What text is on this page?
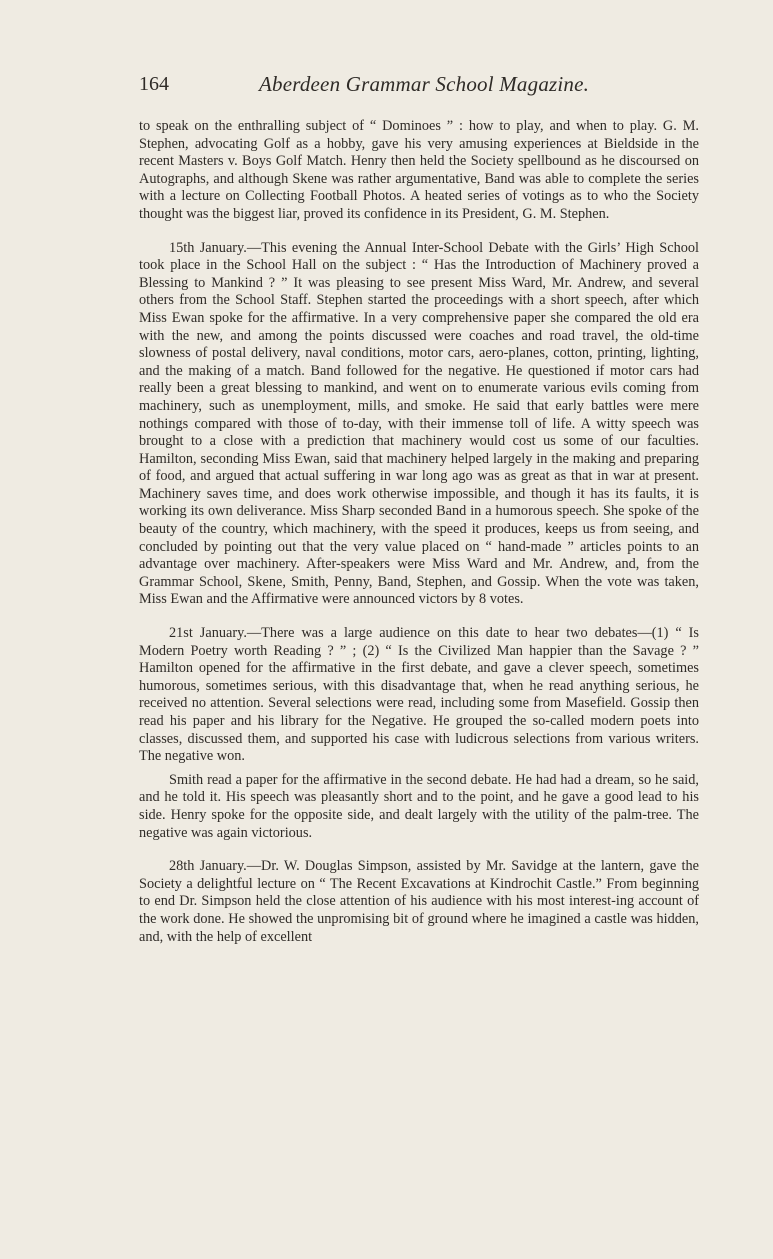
164	Aberdeen Grammar School Magazine.

to speak on the enthralling subject of “ Dominoes ” : how to play, and when to play. G. M. Stephen, advocating Golf as a hobby, gave his very amusing experiences at Bieldside in the recent Masters v. Boys Golf Match. Henry then held the Society spellbound as he discoursed on Autographs, and although Skene was rather argumentative, Band was able to complete the series with a lecture on Collecting Football Photos. A heated series of votings as to who the Society thought was the biggest liar, proved its confidence in its President, G. M. Stephen.

15th January.—This evening the Annual Inter-School Debate with the Girls’ High School took place in the School Hall on the subject : “ Has the Introduction of Machinery proved a Blessing to Mankind ? ” It was pleasing to see present Miss Ward, Mr. Andrew, and several others from the School Staff. Stephen started the proceedings with a short speech, after which Miss Ewan spoke for the affirmative. In a very comprehensive paper she compared the old era with the new, and among the points discussed were coaches and road travel, the old-time slowness of postal delivery, naval conditions, motor cars, aero-planes, cotton, printing, lighting, and the making of a match. Band followed for the negative. He questioned if motor cars had really been a great blessing to mankind, and went on to enumerate various evils coming from machinery, such as unemployment, mills, and smoke. He said that early battles were mere nothings compared with those of to-day, with their immense toll of life. A witty speech was brought to a close with a prediction that machinery would cost us some of our faculties. Hamilton, seconding Miss Ewan, said that machinery helped largely in the making and preparing of food, and argued that actual suffering in war long ago was as great as that in war at present. Machinery saves time, and does work otherwise impossible, and though it has its faults, it is working its own deliverance. Miss Sharp seconded Band in a humorous speech. She spoke of the beauty of the country, which machinery, with the speed it produces, keeps us from seeing, and concluded by pointing out that the very value placed on “ hand-made ” articles points to an advantage over machinery. After-speakers were Miss Ward and Mr. Andrew, and, from the Grammar School, Skene, Smith, Penny, Band, Stephen, and Gossip. When the vote was taken, Miss Ewan and the Affirmative were announced victors by 8 votes.

21st January.—There was a large audience on this date to hear two debates—(1) “ Is Modern Poetry worth Reading ? ” ; (2) “ Is the Civilized Man happier than the Savage ? ” Hamilton opened for the affirmative in the first debate, and gave a clever speech, sometimes humorous, sometimes serious, with this disadvantage that, when he read anything serious, he received no attention. Several selections were read, including some from Masefield. Gossip then read his paper and his library for the Negative. He grouped the so-called modern poets into classes, discussed them, and supported his case with ludicrous selections from various writers. The negative won.

Smith read a paper for the affirmative in the second debate. He had had a dream, so he said, and he told it. His speech was pleasantly short and to the point, and he gave a good lead to his side. Henry spoke for the opposite side, and dealt largely with the utility of the palm-tree. The negative was again victorious.

28th January.—Dr. W. Douglas Simpson, assisted by Mr. Savidge at the lantern, gave the Society a delightful lecture on “ The Recent Excavations at Kindrochit Castle.” From beginning to end Dr. Simpson held the close attention of his audience with his most interest-ing account of the work done. He showed the unpromising bit of ground where he imagined a castle was hidden, and, with the help of excellent
